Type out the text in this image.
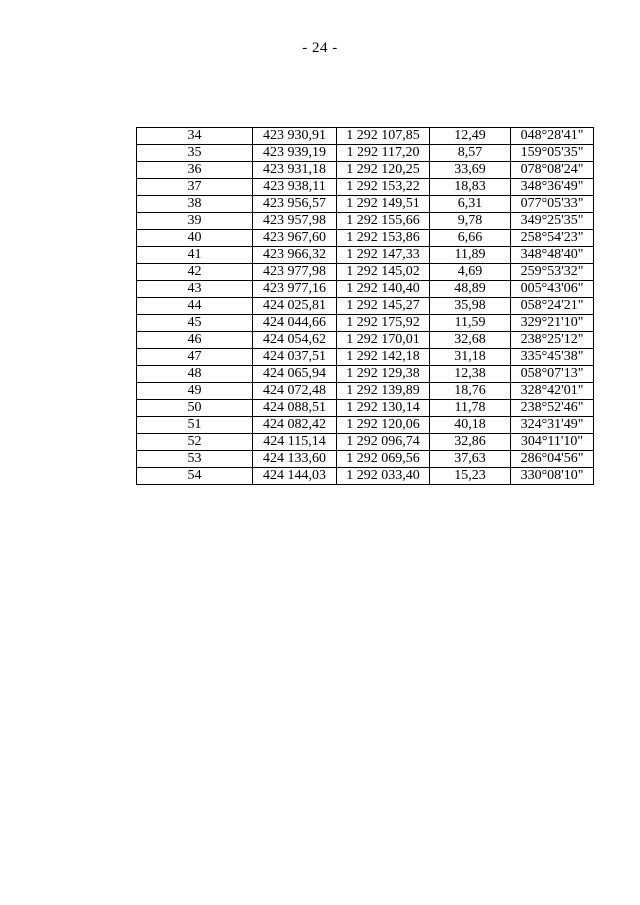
- 24 -
34	423 930,91	1 292 107,85	12,49	048°28'41"
35	423 939,19	1 292 117,20	8,57	159°05'35"
36	423 931,18	1 292 120,25	33,69	078°08'24"
37	423 938,11	1 292 153,22	18,83	348°36'49"
38	423 956,57	1 292 149,51	6,31	077°05'33"
39	423 957,98	1 292 155,66	9,78	349°25'35"
40	423 967,60	1 292 153,86	6,66	258°54'23"
41	423 966,32	1 292 147,33	11,89	348°48'40"
42	423 977,98	1 292 145,02	4,69	259°53'32"
43	423 977,16	1 292 140,40	48,89	005°43'06"
44	424 025,81	1 292 145,27	35,98	058°24'21"
45	424 044,66	1 292 175,92	11,59	329°21'10"
46	424 054,62	1 292 170,01	32,68	238°25'12"
47	424 037,51	1 292 142,18	31,18	335°45'38"
48	424 065,94	1 292 129,38	12,38	058°07'13"
49	424 072,48	1 292 139,89	18,76	328°42'01"
50	424 088,51	1 292 130,14	11,78	238°52'46"
51	424 082,42	1 292 120,06	40,18	324°31'49"
52	424 115,14	1 292 096,74	32,86	304°11'10"
53	424 133,60	1 292 069,56	37,63	286°04'56"
54	424 144,03	1 292 033,40	15,23	330°08'10"
